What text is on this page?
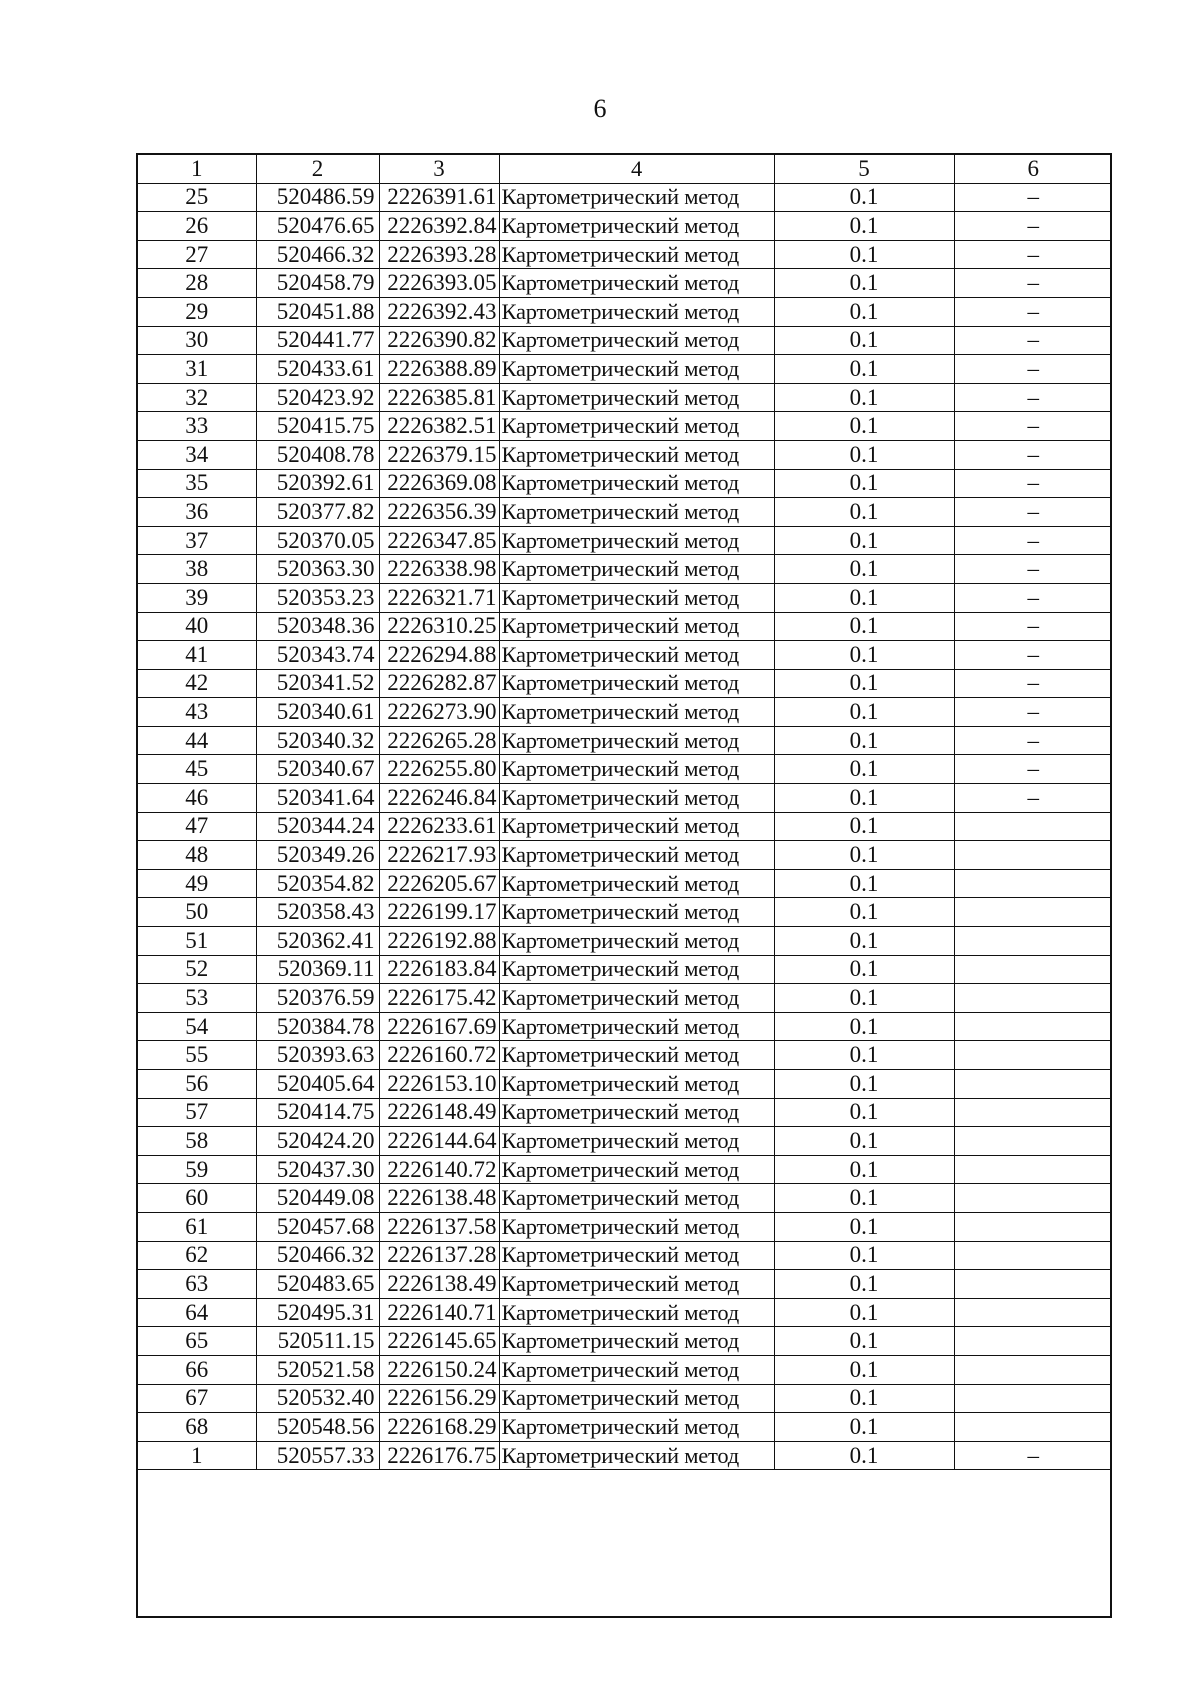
6
1	2	3	4	5	6
25	520486.59	2226391.61	Картометрический метод	0.1	–
26	520476.65	2226392.84	Картометрический метод	0.1	–
27	520466.32	2226393.28	Картометрический метод	0.1	–
28	520458.79	2226393.05	Картометрический метод	0.1	–
29	520451.88	2226392.43	Картометрический метод	0.1	–
30	520441.77	2226390.82	Картометрический метод	0.1	–
31	520433.61	2226388.89	Картометрический метод	0.1	–
32	520423.92	2226385.81	Картометрический метод	0.1	–
33	520415.75	2226382.51	Картометрический метод	0.1	–
34	520408.78	2226379.15	Картометрический метод	0.1	–
35	520392.61	2226369.08	Картометрический метод	0.1	–
36	520377.82	2226356.39	Картометрический метод	0.1	–
37	520370.05	2226347.85	Картометрический метод	0.1	–
38	520363.30	2226338.98	Картометрический метод	0.1	–
39	520353.23	2226321.71	Картометрический метод	0.1	–
40	520348.36	2226310.25	Картометрический метод	0.1	–
41	520343.74	2226294.88	Картометрический метод	0.1	–
42	520341.52	2226282.87	Картометрический метод	0.1	–
43	520340.61	2226273.90	Картометрический метод	0.1	–
44	520340.32	2226265.28	Картометрический метод	0.1	–
45	520340.67	2226255.80	Картометрический метод	0.1	–
46	520341.64	2226246.84	Картометрический метод	0.1	–
47	520344.24	2226233.61	Картометрический метод	0.1	
48	520349.26	2226217.93	Картометрический метод	0.1	
49	520354.82	2226205.67	Картометрический метод	0.1	
50	520358.43	2226199.17	Картометрический метод	0.1	
51	520362.41	2226192.88	Картометрический метод	0.1	
52	520369.11	2226183.84	Картометрический метод	0.1	
53	520376.59	2226175.42	Картометрический метод	0.1	
54	520384.78	2226167.69	Картометрический метод	0.1	
55	520393.63	2226160.72	Картометрический метод	0.1	
56	520405.64	2226153.10	Картометрический метод	0.1	
57	520414.75	2226148.49	Картометрический метод	0.1	
58	520424.20	2226144.64	Картометрический метод	0.1	
59	520437.30	2226140.72	Картометрический метод	0.1	
60	520449.08	2226138.48	Картометрический метод	0.1	
61	520457.68	2226137.58	Картометрический метод	0.1	
62	520466.32	2226137.28	Картометрический метод	0.1	
63	520483.65	2226138.49	Картометрический метод	0.1	
64	520495.31	2226140.71	Картометрический метод	0.1	
65	520511.15	2226145.65	Картометрический метод	0.1	
66	520521.58	2226150.24	Картометрический метод	0.1	
67	520532.40	2226156.29	Картометрический метод	0.1	
68	520548.56	2226168.29	Картометрический метод	0.1	
1	520557.33	2226176.75	Картометрический метод	0.1	–
